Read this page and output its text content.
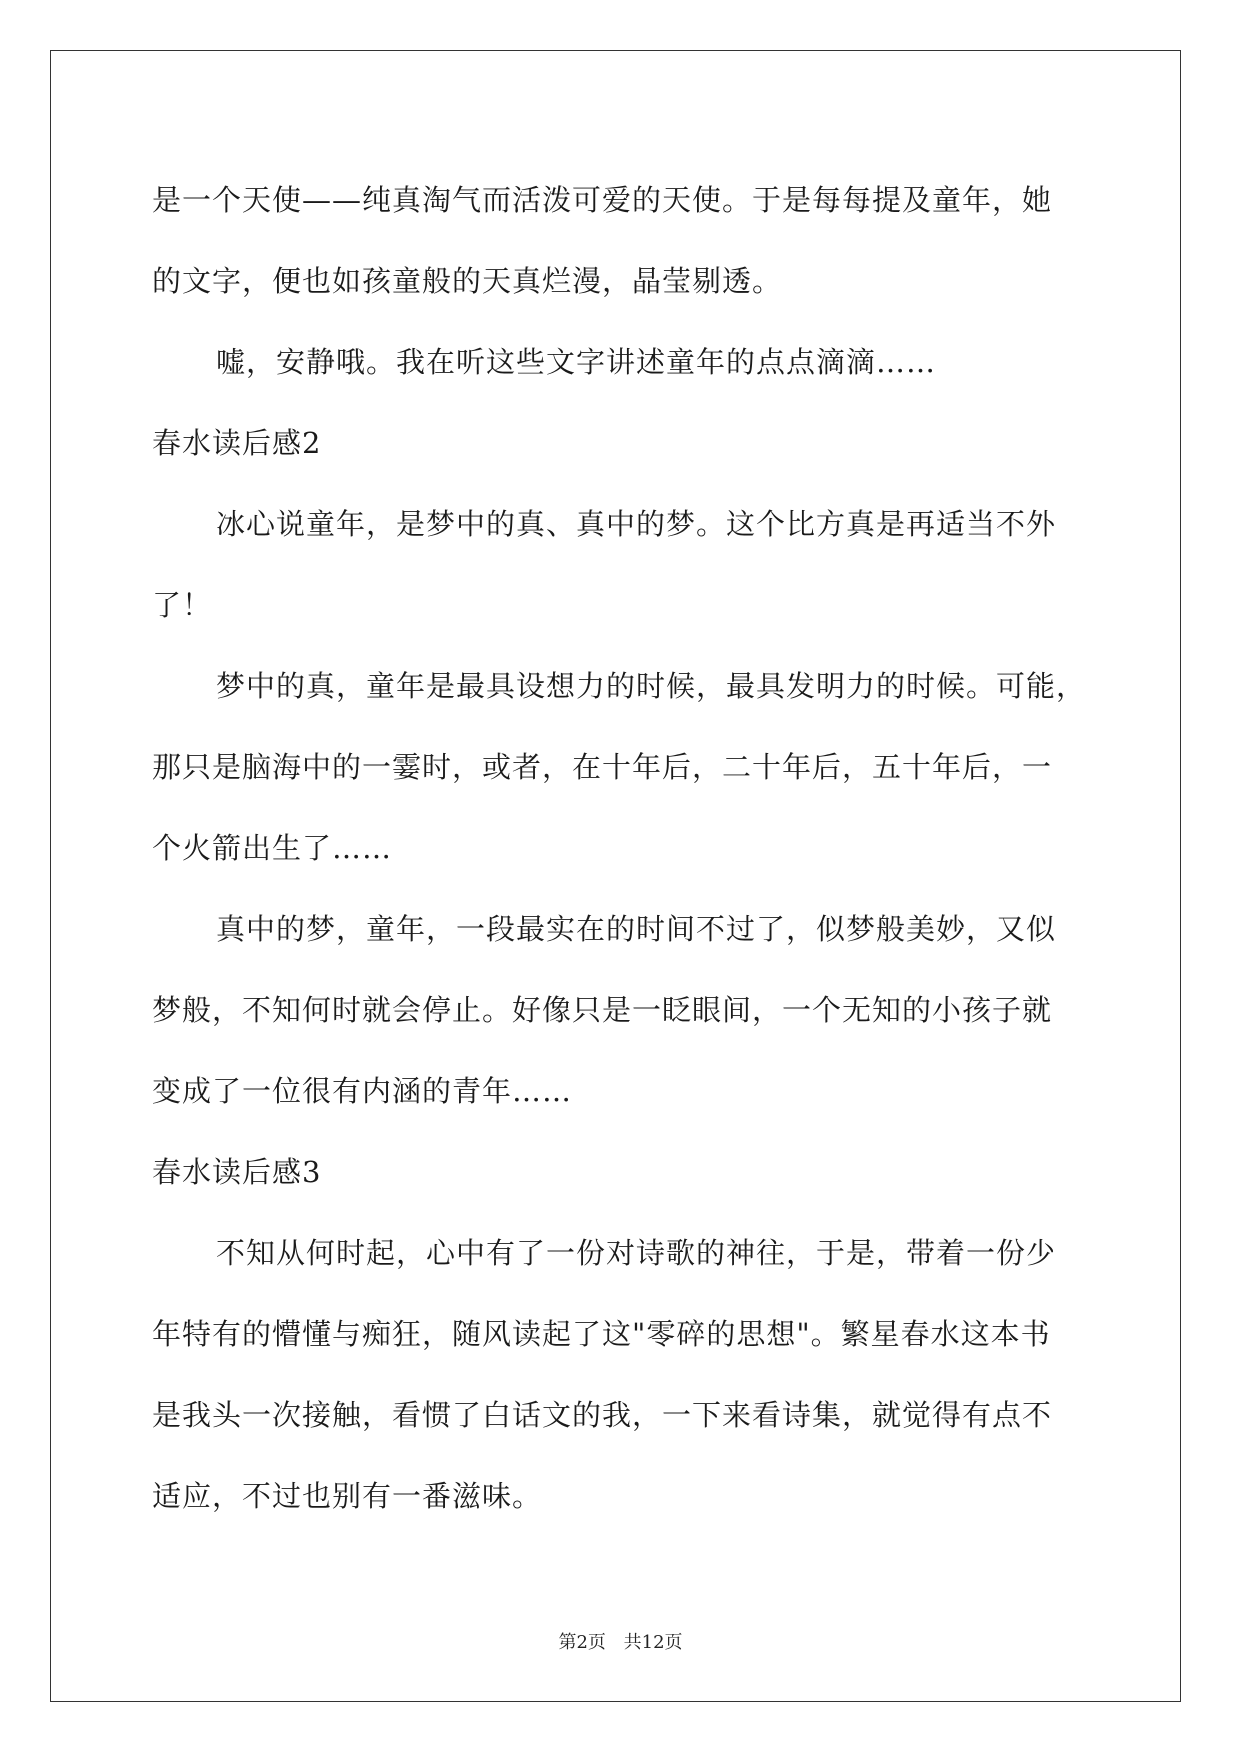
是一个天使——纯真淘气而活泼可爱的天使。于是每每提及童年，她
的文字，便也如孩童般的天真烂漫，晶莹剔透。
嘘，安静哦。我在听这些文字讲述童年的点点滴滴……
春水读后感2
冰心说童年，是梦中的真、真中的梦。这个比方真是再适当不外
了！
梦中的真，童年是最具设想力的时候，最具发明力的时候。可能，
那只是脑海中的一霎时，或者，在十年后，二十年后，五十年后，一
个火箭出生了……
真中的梦，童年，一段最实在的时间不过了，似梦般美妙，又似
梦般，不知何时就会停止。好像只是一眨眼间，一个无知的小孩子就
变成了一位很有内涵的青年……
春水读后感3
不知从何时起，心中有了一份对诗歌的神往，于是，带着一份少
年特有的懵懂与痴狂，随风读起了这"零碎的思想"。繁星春水这本书
是我头一次接触，看惯了白话文的我，一下来看诗集，就觉得有点不
适应，不过也别有一番滋味。
第2页 共12页
